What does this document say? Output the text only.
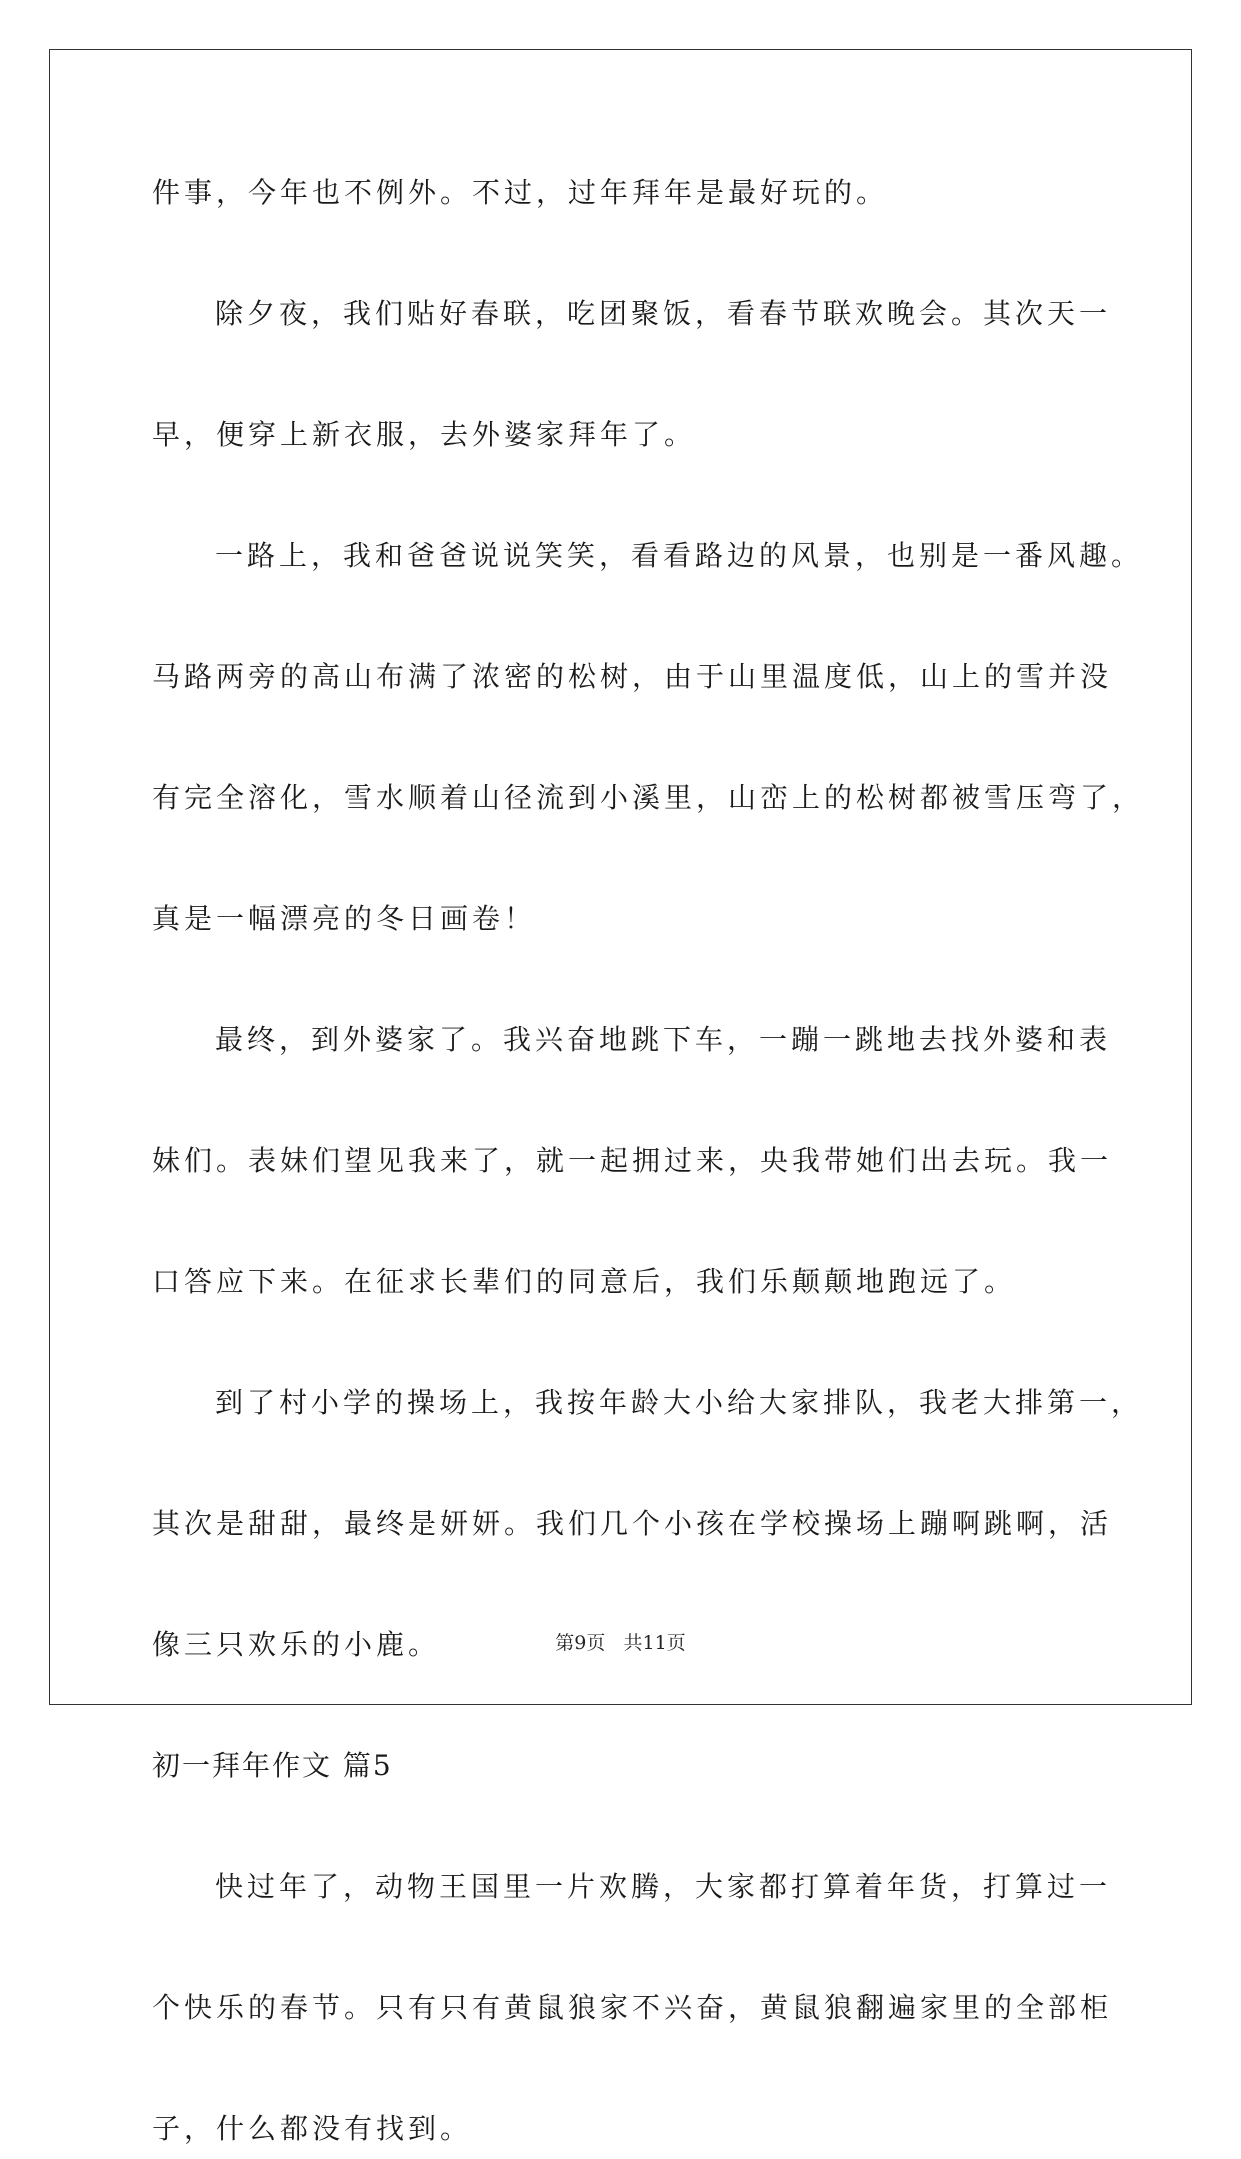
件事，今年也不例外。不过，过年拜年是最好玩的。
除夕夜，我们贴好春联，吃团聚饭，看春节联欢晚会。其次天一
早，便穿上新衣服，去外婆家拜年了。
一路上，我和爸爸说说笑笑，看看路边的风景，也别是一番风趣。
马路两旁的高山布满了浓密的松树，由于山里温度低，山上的雪并没
有完全溶化，雪水顺着山径流到小溪里，山峦上的松树都被雪压弯了，
真是一幅漂亮的冬日画卷！
最终，到外婆家了。我兴奋地跳下车，一蹦一跳地去找外婆和表
妹们。表妹们望见我来了，就一起拥过来，央我带她们出去玩。我一
口答应下来。在征求长辈们的同意后，我们乐颠颠地跑远了。
到了村小学的操场上，我按年龄大小给大家排队，我老大排第一，
其次是甜甜，最终是妍妍。我们几个小孩在学校操场上蹦啊跳啊，活
像三只欢乐的小鹿。
初一拜年作文 篇5
快过年了，动物王国里一片欢腾，大家都打算着年货，打算过一
个快乐的春节。只有只有黄鼠狼家不兴奋，黄鼠狼翻遍家里的全部柜
子，什么都没有找到。
第9页 共11页
